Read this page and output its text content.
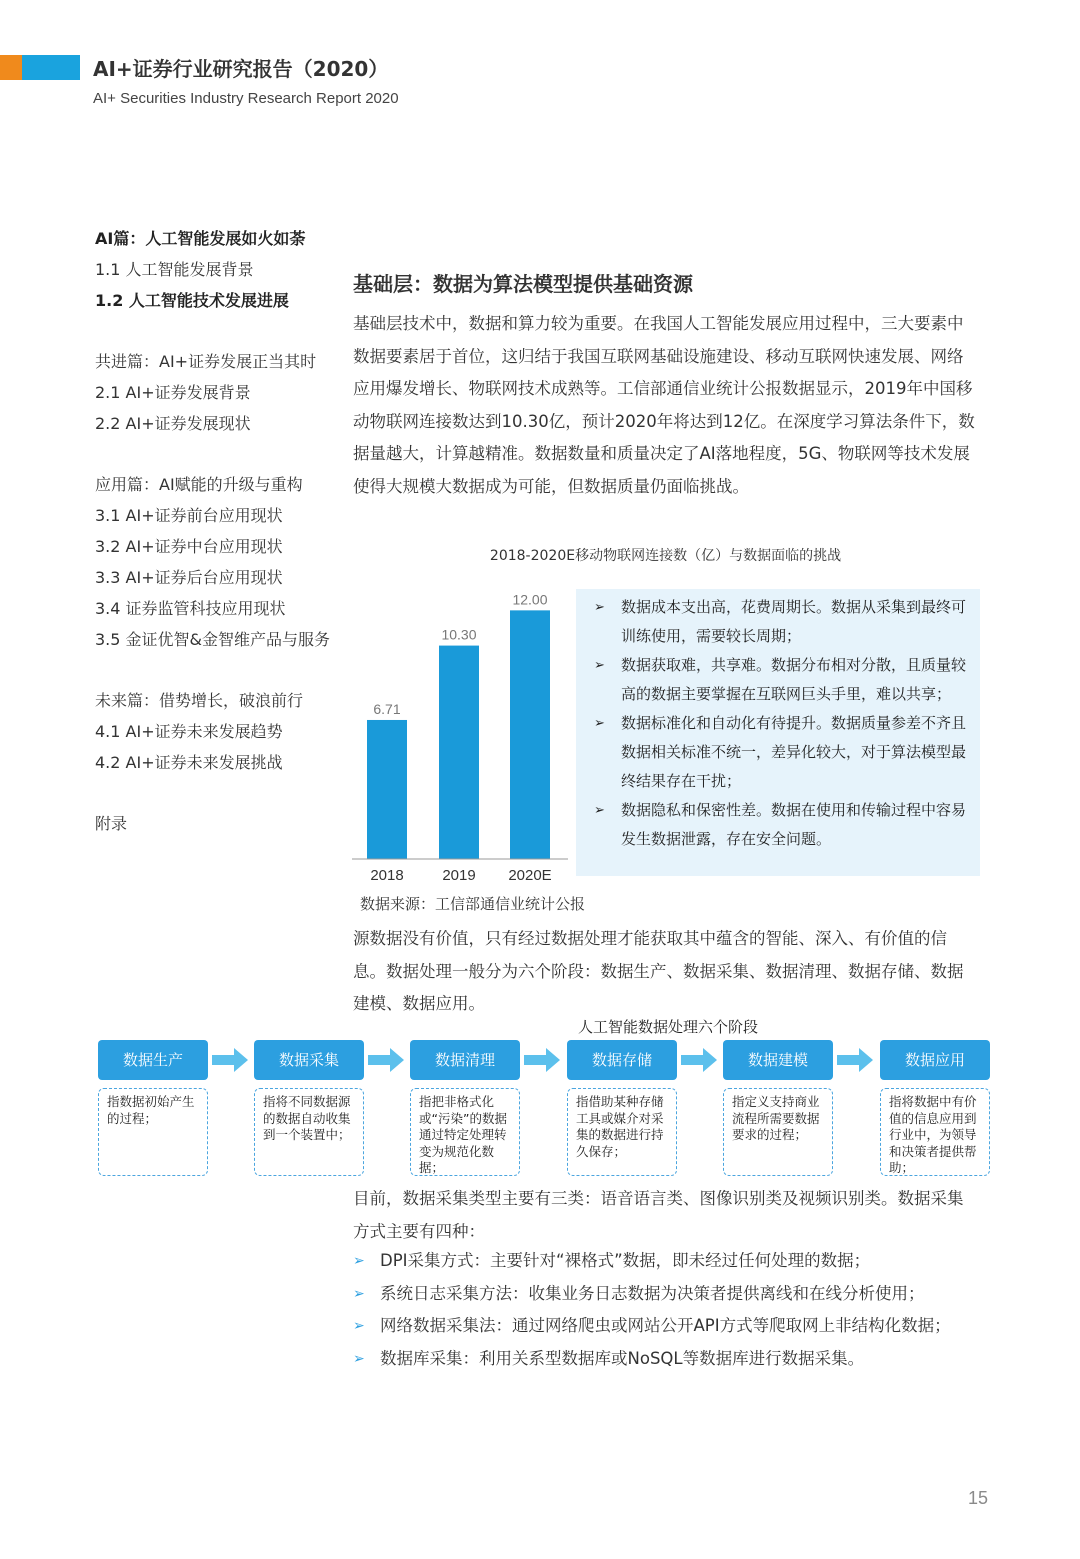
AI+证券行业研究报告（2020）
AI+ Securities Industry Research Report 2020
AI篇：人工智能发展如火如荼
1.1 人工智能发展背景
1.2 人工智能技术发展进展
共进篇：AI+证券发展正当其时
2.1 AI+证券发展背景
2.2 AI+证券发展现状
应用篇：AI赋能的升级与重构
3.1 AI+证券前台应用现状
3.2 AI+证券中台应用现状
3.3 AI+证券后台应用现状
3.4 证券监管科技应用现状
3.5 金证优智&金智维产品与服务
未来篇：借势增长，破浪前行
4.1 AI+证券未来发展趋势
4.2 AI+证券未来发展挑战
附录
基础层：数据为算法模型提供基础资源
基础层技术中，数据和算力较为重要。在我国人工智能发展应用过程中，三大要素中数据要素居于首位，这归结于我国互联网基础设施建设、移动互联网快速发展、网络应用爆发增长、物联网技术成熟等。工信部通信业统计公报数据显示，2019年中国移动物联网连接数达到10.30亿，预计2020年将达到12亿。在深度学习算法条件下，数据量越大，计算越精准。数据数量和质量决定了AI落地程度，5G、物联网等技术发展使得大规模大数据成为可能，但数据质量仍面临挑战。
2018-2020E移动物联网连接数（亿）与数据面临的挑战
6.71
2018
10.30
2019
12.00
2020E
➢	数据成本支出高，花费周期长。数据从采集到最终可训练使用，需要较长周期；
➢	数据获取难，共享难。数据分布相对分散，且质量较高的数据主要掌握在互联网巨头手里，难以共享；
➢	数据标准化和自动化有待提升。数据质量参差不齐且数据相关标准不统一，差异化较大，对于算法模型最终结果存在干扰；
➢	数据隐私和保密性差。数据在使用和传输过程中容易发生数据泄露，存在安全问题。
数据来源：工信部通信业统计公报
源数据没有价值，只有经过数据处理才能获取其中蕴含的智能、深入、有价值的信息。数据处理一般分为六个阶段：数据生产、数据采集、数据清理、数据存储、数据建模、数据应用。
人工智能数据处理六个阶段
数据生产
指数据初始产生的过程；
数据采集
指将不同数据源的数据自动收集到一个装置中；
数据清理
指把非格式化或“污染”的数据通过特定处理转变为规范化数据；
数据存储
指借助某种存储工具或媒介对采集的数据进行持久保存；
数据建模
指定义支持商业流程所需要数据要求的过程；
数据应用
指将数据中有价值的信息应用到行业中，为领导和决策者提供帮助；
目前，数据采集类型主要有三类：语音语言类、图像识别类及视频识别类。数据采集方式主要有四种：
➢ DPI采集方式：主要针对“裸格式”数据，即未经过任何处理的数据；
➢ 系统日志采集方法：收集业务日志数据为决策者提供离线和在线分析使用；
➢ 网络数据采集法：通过网络爬虫或网站公开API方式等爬取网上非结构化数据；
➢ 数据库采集：利用关系型数据库或NoSQL等数据库进行数据采集。
15
